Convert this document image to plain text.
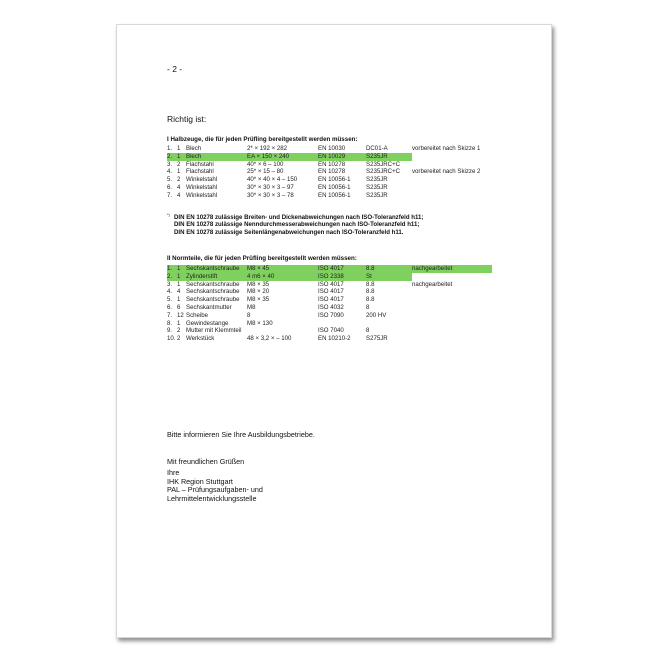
- 2 -
Richtig ist:
I Halbzeuge, die für jeden Prüfling bereitgestellt werden müssen:
1.	1	Blech	2* × 192 × 282	EN 10030	DC01-A	vorbereitet nach Skizze 1
2.	1	Blech	EA × 150 × 240	EN 10029	S235JR	
3.	2	Flachstahl	40* × 6 – 100	EN 10278	S235JRC+C	
4.	1	Flachstahl	25* × 15 – 80	EN 10278	S235JRC+C	vorbereitet nach Skizze 2
5.	2	Winkelstahl	40* × 40 × 4 – 150	EN 10056-1	S235JR	
6.	4	Winkelstahl	30* × 30 × 3 – 97	EN 10056-1	S235JR	
7.	4	Winkelstahl	30* × 30 × 3 – 78	EN 10056-1	S235JR	
*) DIN EN 10278 zulässige Breiten- und Dickenabweichungen nach ISO-Toleranzfeld h11;
DIN EN 10278 zulässige Nenndurchmesserabweichungen nach ISO-Toleranzfeld h11;
DIN EN 10278 zulässige Seitenlängenabweichungen nach ISO-Toleranzfeld h11.
II Normteile, die für jeden Prüfling bereitgestellt werden müssen:
1.	1	Sechskantschraube	M8 × 45	ISO 4017	8.8	nachgearbeitet
2.	1	Zylinderstift	4 m6 × 40	ISO 2338	St	
3.	1	Sechskantschraube	M8 × 35	ISO 4017	8.8	nachgearbeitet
4.	4	Sechskantschraube	M8 × 20	ISO 4017	8.8	
5.	1	Sechskantschraube	M8 × 35	ISO 4017	8.8	
6.	6	Sechskantmutter	M8	ISO 4032	8	
7.	12	Scheibe	8	ISO 7090	200 HV	
8.	1	Gewindestange	M8 × 130			
9.	2	Mutter mit Klemmteil		ISO 7040	8	
10.	2	Werkstück	48 × 3,2 × – 100	EN 10210-2	S275JR	
Bitte informieren Sie Ihre Ausbildungsbetriebe.
Mit freundlichen Grüßen
Ihre
IHK Region Stuttgart
PAL – Prüfungsaufgaben- und
Lehrmittelentwicklungsstelle
